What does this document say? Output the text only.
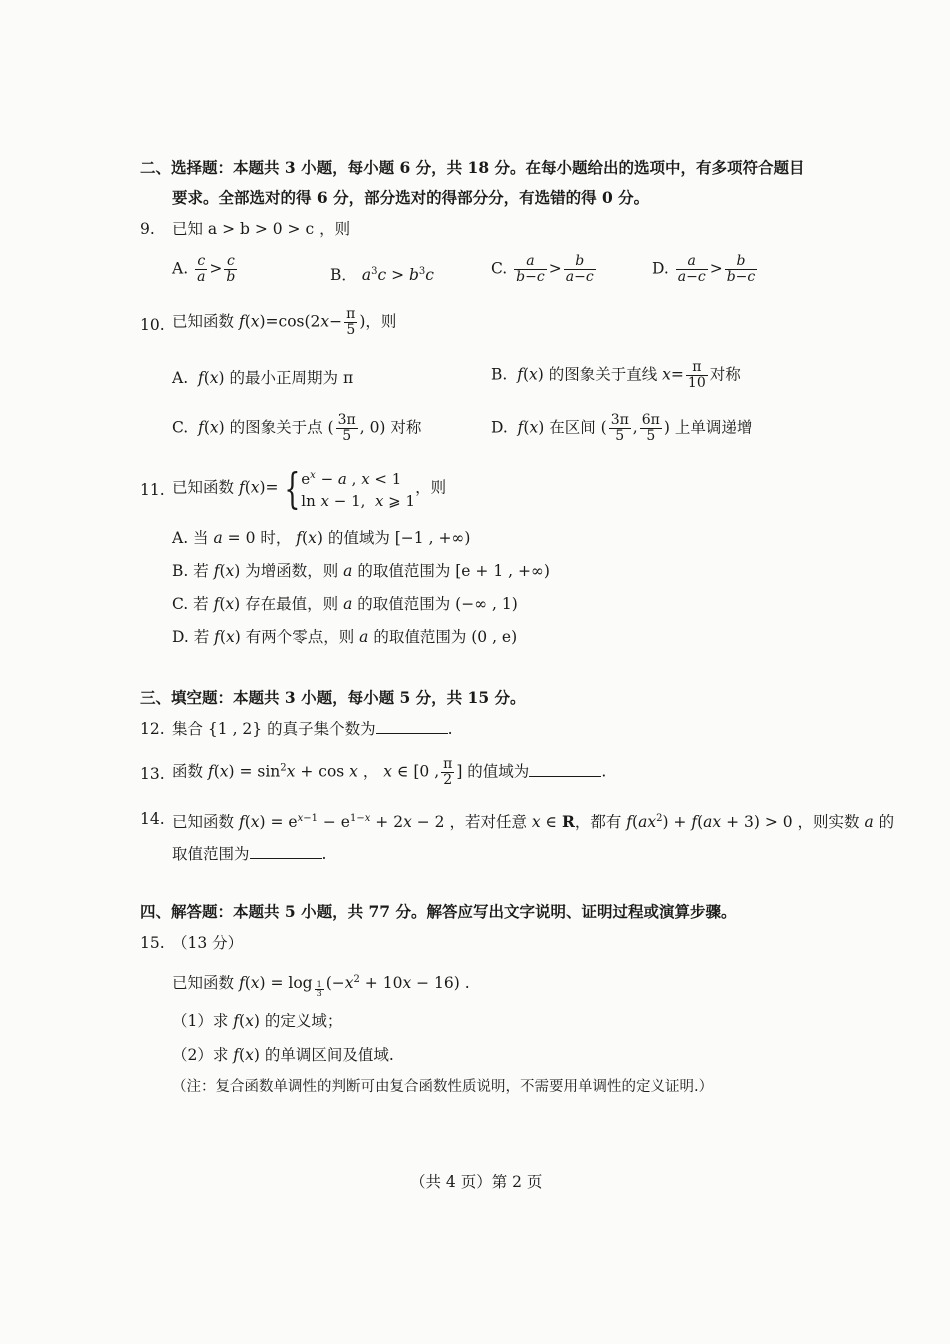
二、选择题：本题共 3 小题，每小题 6 分，共 18 分。在每小题给出的选项中，有多项符合题目
要求。全部选对的得 6 分，部分选对的得部分分，有选错的得 0 分。
9. 已知 a > b > 0 > c ，则
A. $\frac{c}{a} > \frac{c}{b}$	B． $a^3c > b^3c$	C. $\frac{a}{b-c} > \frac{b}{a-c}$	D. $\frac{a}{a-c} > \frac{b}{b-c}$
10. 已知函数 $f(x)=\cos(2x- \frac{\pi}{5}$ )，则
A. f(x) 的最小正周期为 π	B. f(x) 的图象关于直线 $x= \frac{\pi}{10}$ 对称
C. f(x) 的图象关于点 ( $\frac{3\pi}{5}$ , 0) 对称	D. f(x) 在区间 ( $\frac{3\pi}{5}$ , $\frac{6\pi}{5}$ ) 上单调递增
11. 已知函数 f(x)= { $e^x - a$ , x < 1
ln x − 1,  x ⩾ 1
，则
A. 当 a = 0 时， f(x) 的值域为 [−1 , +∞)
B. 若 f(x) 为增函数，则 a 的取值范围为 [e + 1 , +∞)
C. 若 f(x) 存在最值，则 a 的取值范围为 (−∞ , 1)
D. 若 f(x) 有两个零点，则 a 的取值范围为 (0 , e)
三、填空题：本题共 3 小题，每小题 5 分，共 15 分。
12. 集合 {1 , 2} 的真子集个数为	.
13. 函数 $f(x) = \sin^2x + \cos x$ ， x ∈ [0 , $\frac{\pi}{2}$ ] 的值域为	.
14. 已知函数 $f(x) = e^{x-1} - e^{1-x} + 2x - 2$ ，若对任意 x ∈ R，都有 $f(ax^2) + f(ax + 3) > 0$ ，则实数 a 的
取值范围为	.
四、解答题：本题共 5 小题，共 77 分。解答应写出文字说明、证明过程或演算步骤。
15. （13 分）
已知函数 f(x) = log $_{\frac{1}{3}}$ $(-x^2 + 10x - 16)$ .
（1）求 f(x) 的定义域；
（2）求 f(x) 的单调区间及值域.
（注：复合函数单调性的判断可由复合函数性质说明，不需要用单调性的定义证明.）
（共 4 页）第 2 页
